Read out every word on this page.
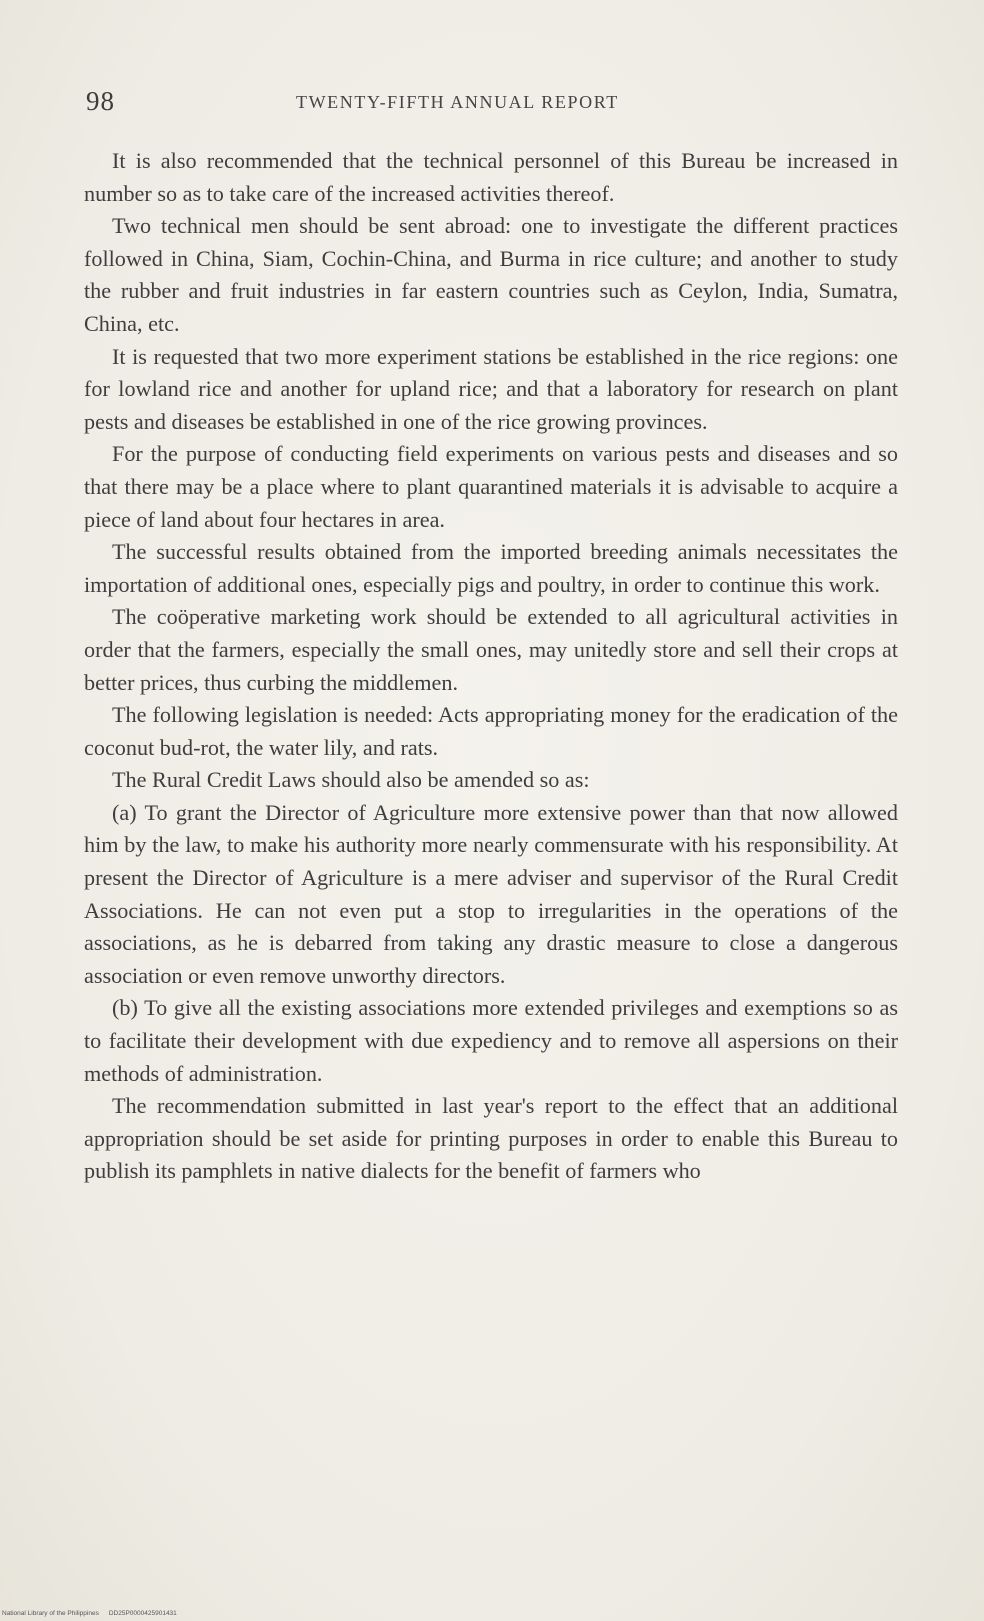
98	TWENTY-FIFTH ANNUAL REPORT

It is also recommended that the technical personnel of this Bureau be increased in number so as to take care of the increased activities thereof.

Two technical men should be sent abroad: one to investigate the different practices followed in China, Siam, Cochin-China, and Burma in rice culture; and another to study the rubber and fruit industries in far eastern countries such as Ceylon, India, Sumatra, China, etc.

It is requested that two more experiment stations be established in the rice regions: one for lowland rice and another for upland rice; and that a laboratory for research on plant pests and diseases be established in one of the rice growing provinces.

For the purpose of conducting field experiments on various pests and diseases and so that there may be a place where to plant quarantined materials it is advisable to acquire a piece of land about four hectares in area.

The successful results obtained from the imported breeding animals necessitates the importation of additional ones, especially pigs and poultry, in order to continue this work.

The coöperative marketing work should be extended to all agricultural activities in order that the farmers, especially the small ones, may unitedly store and sell their crops at better prices, thus curbing the middlemen.

The following legislation is needed: Acts appropriating money for the eradication of the coconut bud-rot, the water lily, and rats.

The Rural Credit Laws should also be amended so as:

(a) To grant the Director of Agriculture more extensive power than that now allowed him by the law, to make his authority more nearly commensurate with his responsibility. At present the Director of Agriculture is a mere adviser and supervisor of the Rural Credit Associations. He can not even put a stop to irregularities in the operations of the associations, as he is debarred from taking any drastic measure to close a dangerous association or even remove unworthy directors.

(b) To give all the existing associations more extended privileges and exemptions so as to facilitate their development with due expediency and to remove all aspersions on their methods of administration.

The recommendation submitted in last year's report to the effect that an additional appropriation should be set aside for printing purposes in order to enable this Bureau to publish its pamphlets in native dialects for the benefit of farmers who

National Library of the Philippines DD25P0000425901431
